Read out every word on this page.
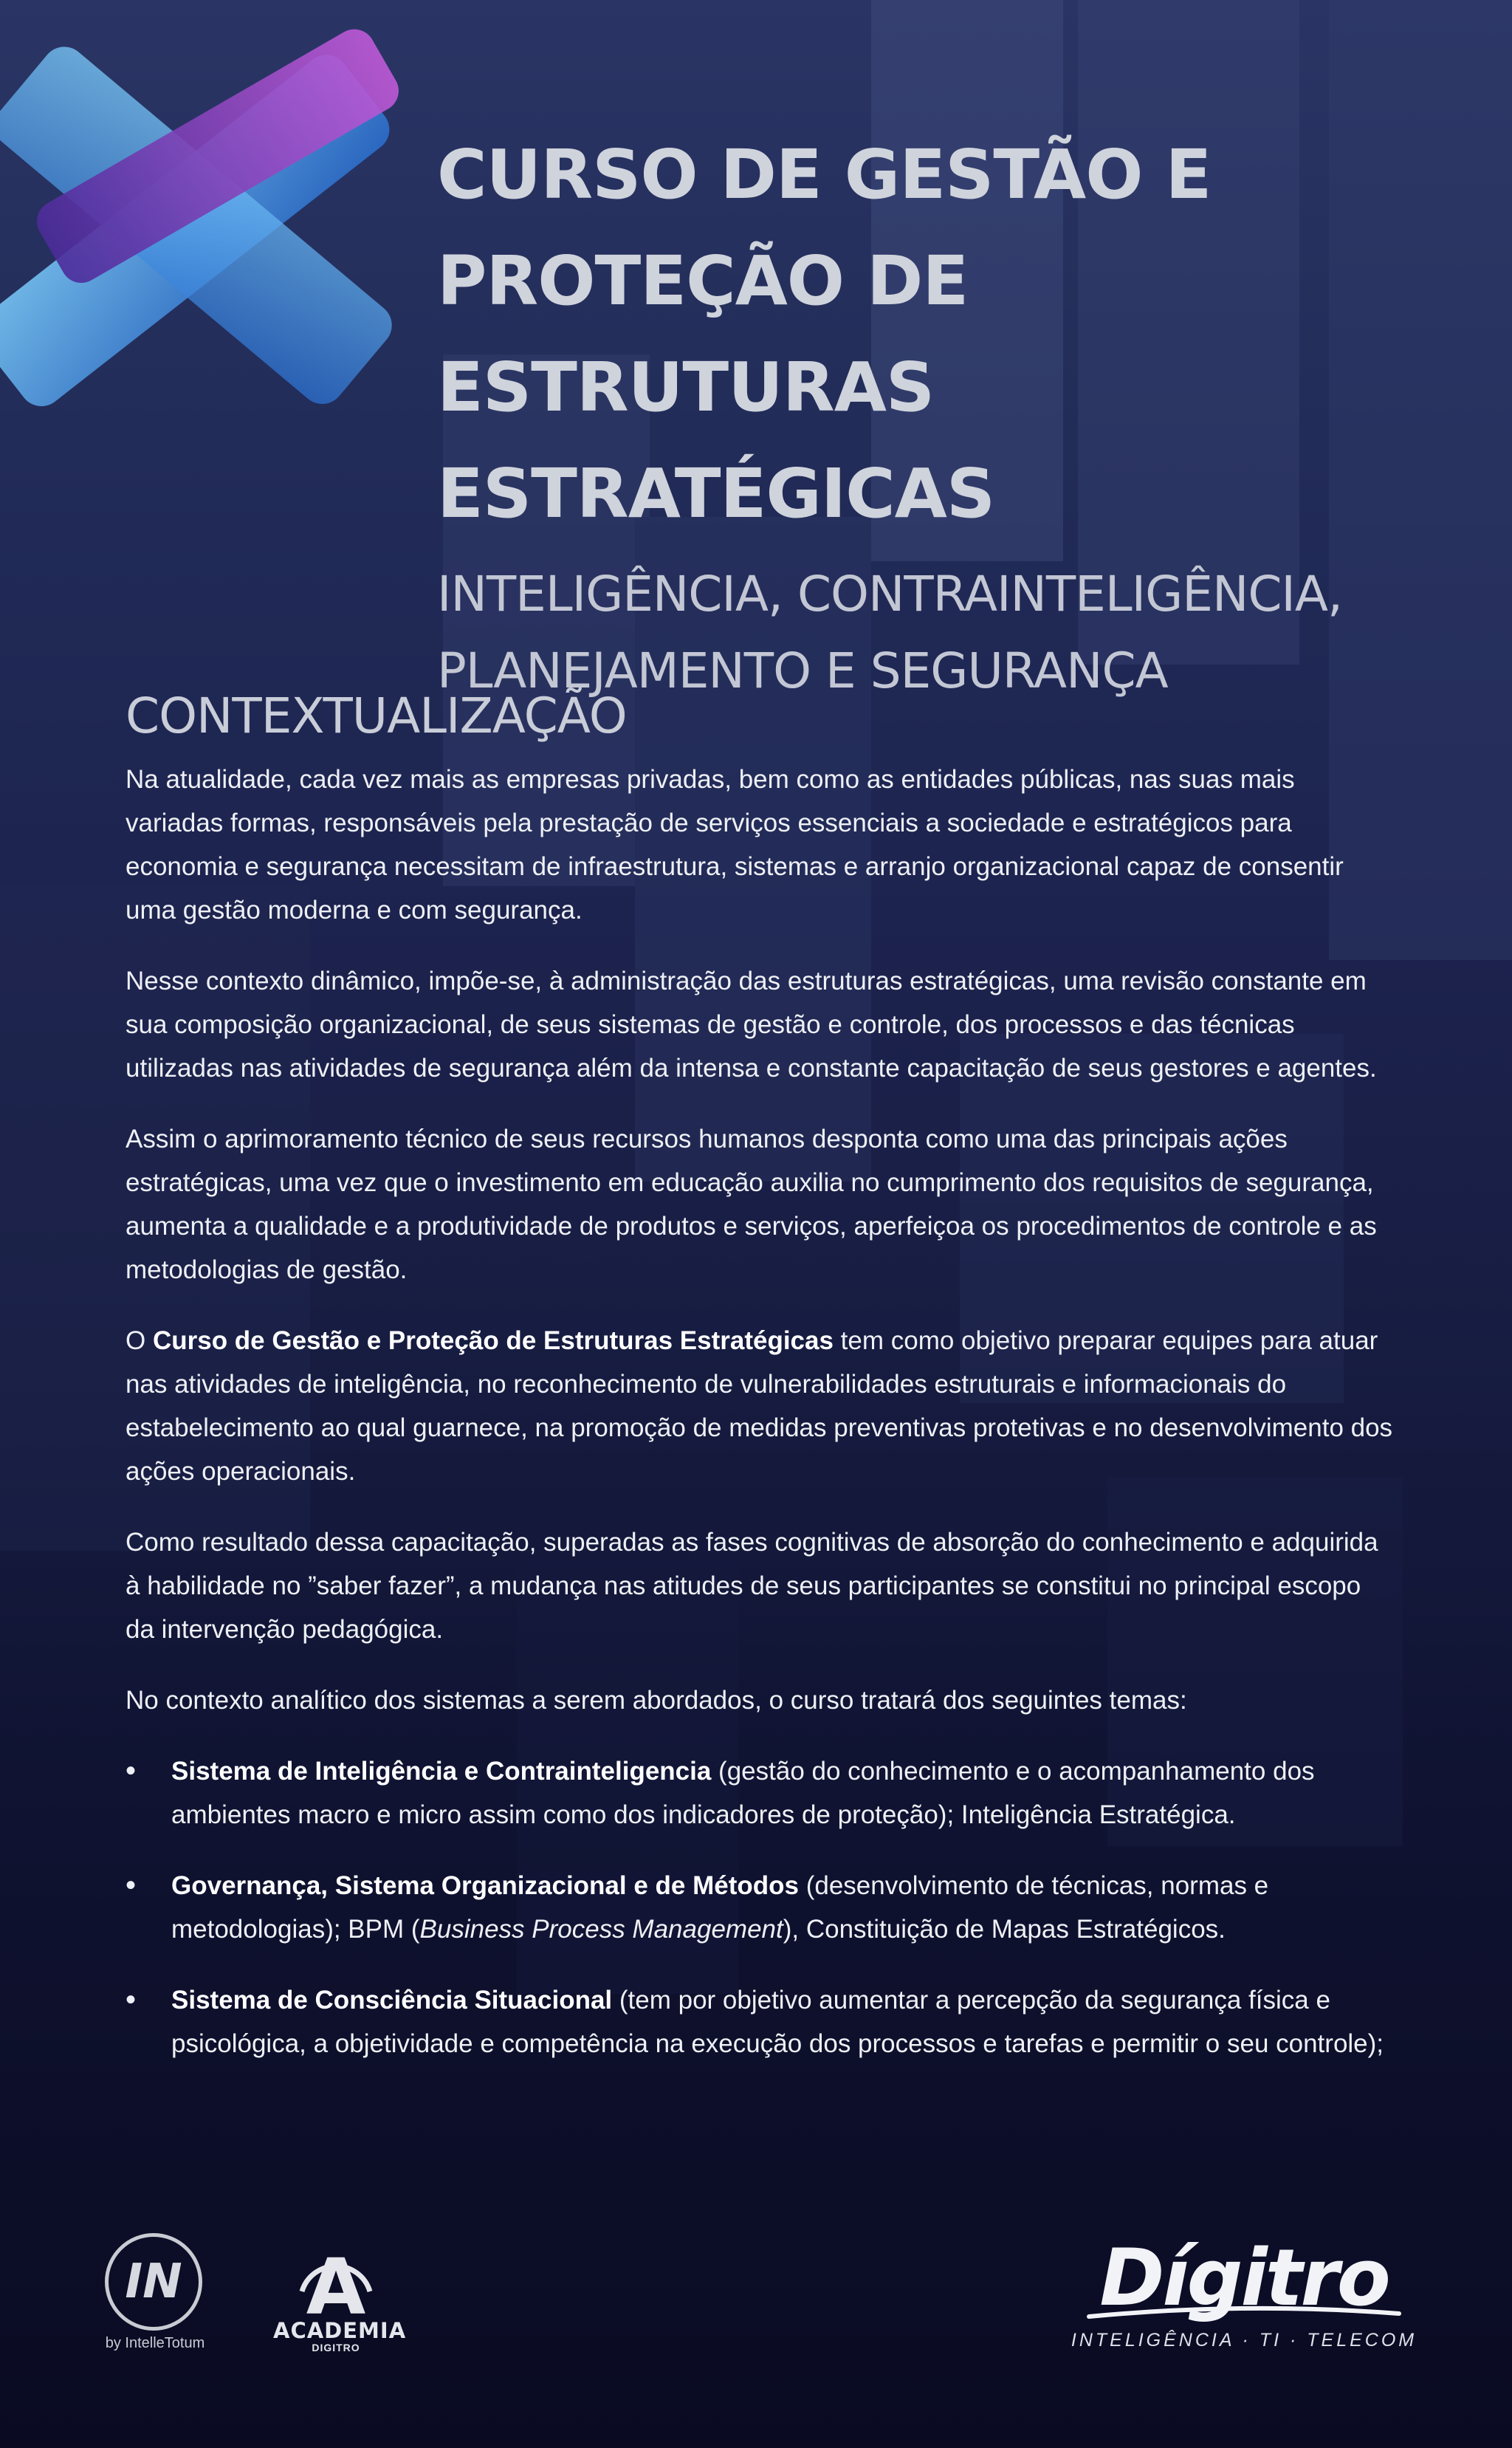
CURSO DE GESTÃO E
PROTEÇÃO DE ESTRUTURAS
ESTRATÉGICAS
INTELIGÊNCIA, CONTRAINTELIGÊNCIA,
PLANEJAMENTO E SEGURANÇA
CONTEXTUALIZAÇÃO

Na atualidade, cada vez mais as empresas privadas, bem como as entidades públicas, nas suas mais variadas formas, responsáveis pela prestação de serviços essenciais a sociedade e estratégicos para economia e segurança necessitam de infraestrutura, sistemas e arranjo organizacional capaz de consentir uma gestão moderna e com segurança.

Nesse contexto dinâmico, impõe-se, à administração das estruturas estratégicas, uma revisão constante em sua composição organizacional, de seus sistemas de gestão e controle, dos processos e das técnicas utilizadas nas atividades de segurança além da intensa e constante capacitação de seus gestores e agentes.

Assim o aprimoramento técnico de seus recursos humanos desponta como uma das principais ações estratégicas, uma vez que o investimento em educação auxilia no cumprimento dos requisitos de segurança, aumenta a qualidade e a produtividade de produtos e serviços, aperfeiçoa os procedimentos de controle e as metodologias de gestão.

O Curso de Gestão e Proteção de Estruturas Estratégicas tem como objetivo preparar equipes para atuar nas atividades de inteligência, no reconhecimento de vulnerabilidades estruturais e informacionais do estabelecimento ao qual guarnece, na promoção de medidas preventivas protetivas e no desenvolvimento dos ações operacionais.

Como resultado dessa capacitação, superadas as fases cognitivas de absorção do conhecimento e adquirida à habilidade no ”saber fazer”, a mudança nas atitudes de seus participantes se constitui no principal escopo da intervenção pedagógica.

No contexto analítico dos sistemas a serem abordados, o curso tratará dos seguintes temas:

• Sistema de Inteligência e Contrainteligencia (gestão do conhecimento e o acompanhamento dos ambientes macro e micro assim como dos indicadores de proteção); Inteligência Estratégica.
• Governança, Sistema Organizacional e de Métodos (desenvolvimento de técnicas, normas e metodologias); BPM (Business Process Management), Constituição de Mapas Estratégicos.
• Sistema de Consciência Situacional (tem por objetivo aumentar a percepção da segurança física e psicológica, a objetividade e competência na execução dos processos e tarefas e permitir o seu controle);
IN
by IntelleTotum
A
ACADEMIA
DIGITRO
Dígitro
INTELIGÊNCIA · TI · TELECOM
